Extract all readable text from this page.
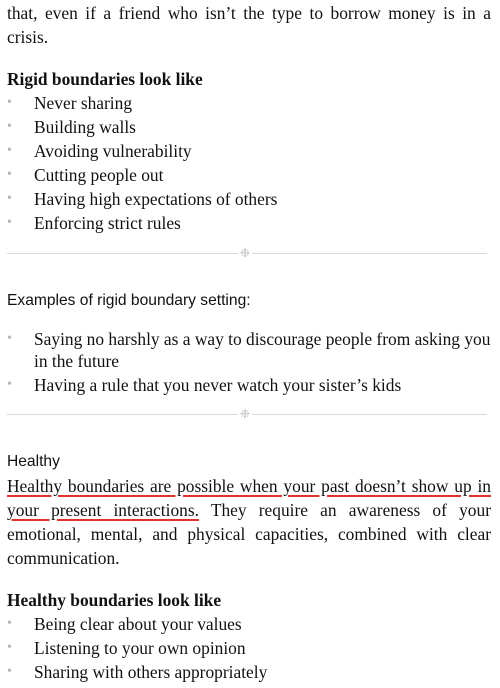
that, even if a friend who isn’t the type to borrow money is in a crisis.

Rigid boundaries look like

• Never sharing
• Building walls
• Avoiding vulnerability
• Cutting people out
• Having high expectations of others
• Enforcing strict rules
❉

Examples of rigid boundary setting:

• Saying no harshly as a way to discourage people from asking you in the future
• Having a rule that you never watch your sister’s kids
❉

Healthy

Healthy boundaries are possible when your past doesn’t show up in your present interactions. They require an awareness of your emotional, mental, and physical capacities, combined with clear communication.

Healthy boundaries look like

• Being clear about your values
• Listening to your own opinion
• Sharing with others appropriately
